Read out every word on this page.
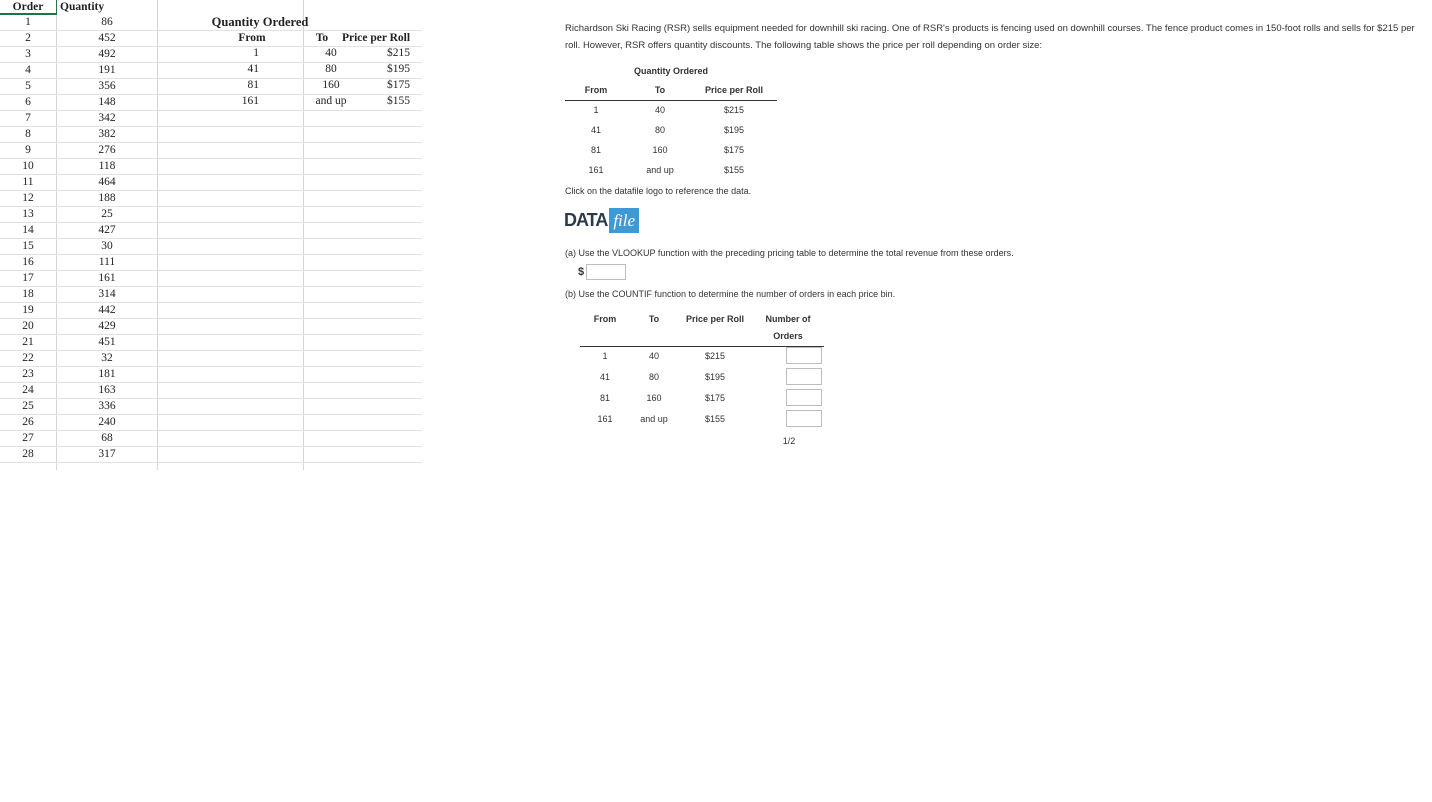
Order	Quantity
1	86
2	452
3	492
4	191
5	356
6	148
7	342
8	382
9	276
10	118
11	464
12	188
13	25
14	427
15	30
16	111
17	161
18	314
19	442
20	429
21	451
22	32
23	181
24	163
25	336
26	240
27	68
28	317
Quantity Ordered
From	To	Price per Roll
1	40	$215
41	80	$195
81	160	$175
161	and up	$155
Richardson Ski Racing (RSR) sells equipment needed for downhill ski racing. One of RSR's products is fencing used on downhill courses. The fence product comes in 150-foot rolls and sells for $215 per roll. However, RSR offers quantity discounts. The following table shows the price per roll depending on order size:
Quantity Ordered
From	To	Price per Roll
1	40	$215
41	80	$195
81	160	$175
161	and up	$155
Click on the datafile logo to reference the data.
DATA file
(a) Use the VLOOKUP function with the preceding pricing table to determine the total revenue from these orders.
$
(b) Use the COUNTIF function to determine the number of orders in each price bin.
From	To	Price per Roll	Number of
Orders
1	40	$215
41	80	$195
81	160	$175
161	and up	$155
1/2
